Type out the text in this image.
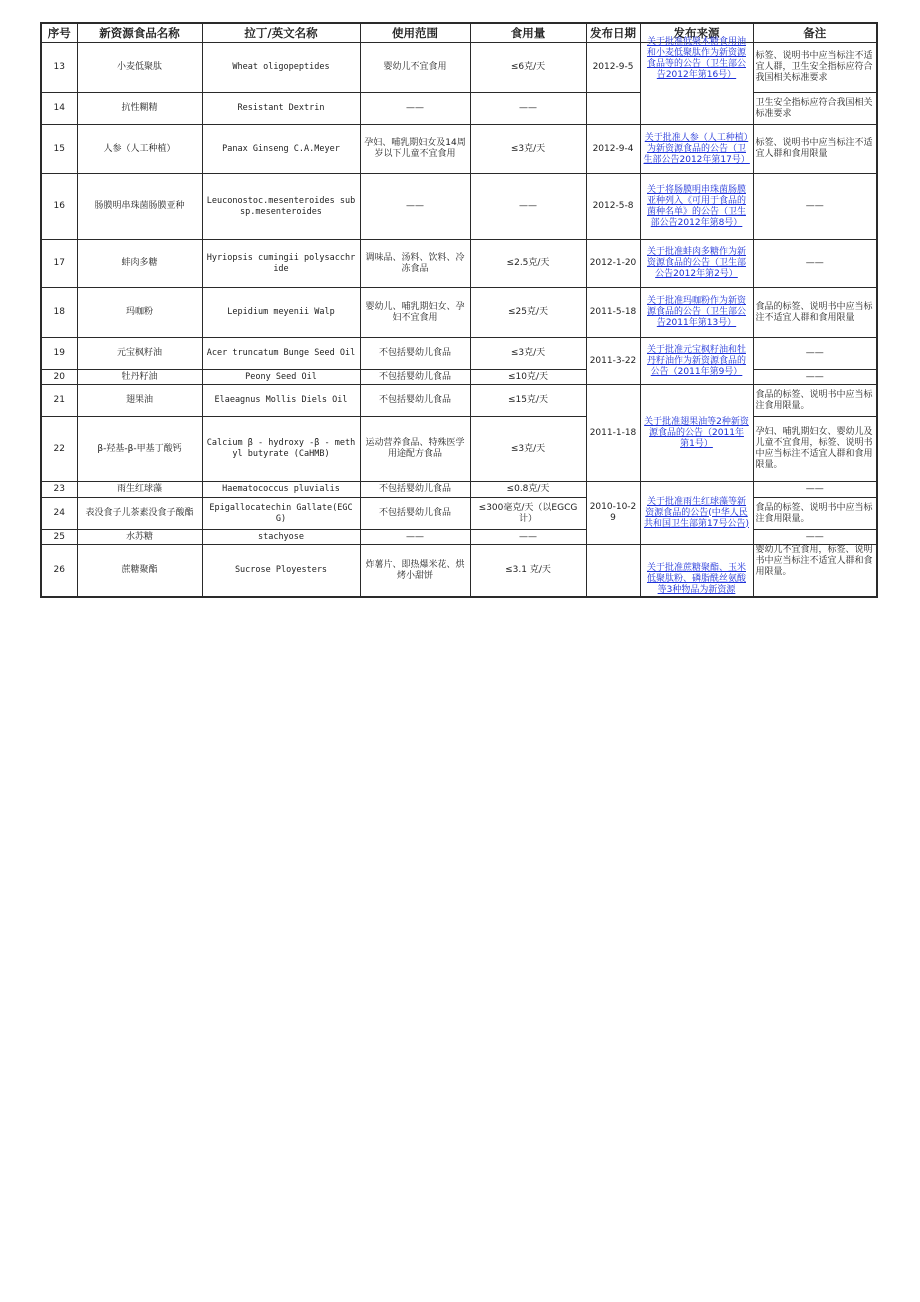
序号	新资源食品名称	拉丁/英文名称	使用范围	食用量	发布日期	发布来源	备注
13	小麦低聚肽	Wheat oligopeptides	婴幼儿不宜食用	≤6克/天	2012-9-5	关于批准低聚木糖食用油和小麦低聚肽作为新资源食品等的公告（卫生部公告2012年第16号）	标签、说明书中应当标注不适宜人群，卫生安全指标应符合我国相关标准要求
14	抗性糊精	Resistant Dextrin	——	——			卫生安全指标应符合我国相关标准要求
15	人参（人工种植）	Panax Ginseng C.A.Meyer	孕妇、哺乳期妇女及14周岁以下儿童不宜食用	≤3克/天	2012-9-4	关于批准人参（人工种植）为新资源食品的公告（卫生部公告2012年第17号）	标签、说明书中应当标注不适宜人群和食用限量
16	肠膜明串珠菌肠膜亚种	Leuconostoc.mesenteroides subsp.mesenteroides	——	——	2012-5-8	关于将肠膜明串珠菌肠膜亚种列入《可用于食品的菌种名单》的公告（卫生部公告2012年第8号）	——
17	蚌肉多糖	Hyriopsis cumingii polysacchride	调味品、汤料、饮料、冷冻食品	≤2.5克/天	2012-1-20	关于批准蚌肉多糖作为新资源食品的公告（卫生部公告2012年第2号）	——
18	玛咖粉	Lepidium meyenii Walp	婴幼儿、哺乳期妇女、孕妇不宜食用	≤25克/天	2011-5-18	关于批准玛咖粉作为新资源食品的公告（卫生部公告2011年第13号）	食品的标签、说明书中应当标注不适宜人群和食用限量
19	元宝枫籽油	Acer truncatum Bunge Seed Oil	不包括婴幼儿食品	≤3克/天	2011-3-22	关于批准元宝枫籽油和牡丹籽油作为新资源食品的公告（2011年第9号）	——
20	牡丹籽油	Peony Seed Oil	不包括婴幼儿食品	≤10克/天			——
21	翅果油	Elaeagnus Mollis Diels Oil	不包括婴幼儿食品	≤15克/天	2011-1-18	关于批准翅果油等2种新资源食品的公告（2011年 第1号）	食品的标签、说明书中应当标注食用限量。
22	β-羟基-β-甲基丁酸钙	Calcium β - hydroxy -β - methyl butyrate (CaHMB)	运动营养食品、特殊医学用途配方食品	≤3克/天			孕妇、哺乳期妇女、婴幼儿及儿童不宜食用，标签、说明书中应当标注不适宜人群和食用限量。
23	雨生红球藻	Haematococcus pluvialis	不包括婴幼儿食品	≤0.8克/天	2010-10-29	关于批准雨生红球藻等新资源食品的公告(中华人民共和国卫生部第17号公告)	——
24	表没食子儿茶素没食子酸酯	Epigallocatechin Gallate(EGCG)	不包括婴幼儿食品	≤300毫克/天（以EGCG计）			食品的标签、说明书中应当标注食用限量。
25	水苏糖	stachyose	——	——			——
26	蔗糖聚酯	Sucrose Ployesters	炸薯片、即热爆米花、烘烤小甜饼	≤3.1 克/天		关于批准蔗糖聚酯、玉米低聚肽粉、磷脂酰丝氨酸等3种物品为新资源	婴幼儿不宜食用，标签、说明书中应当标注不适宜人群和食用限量。
